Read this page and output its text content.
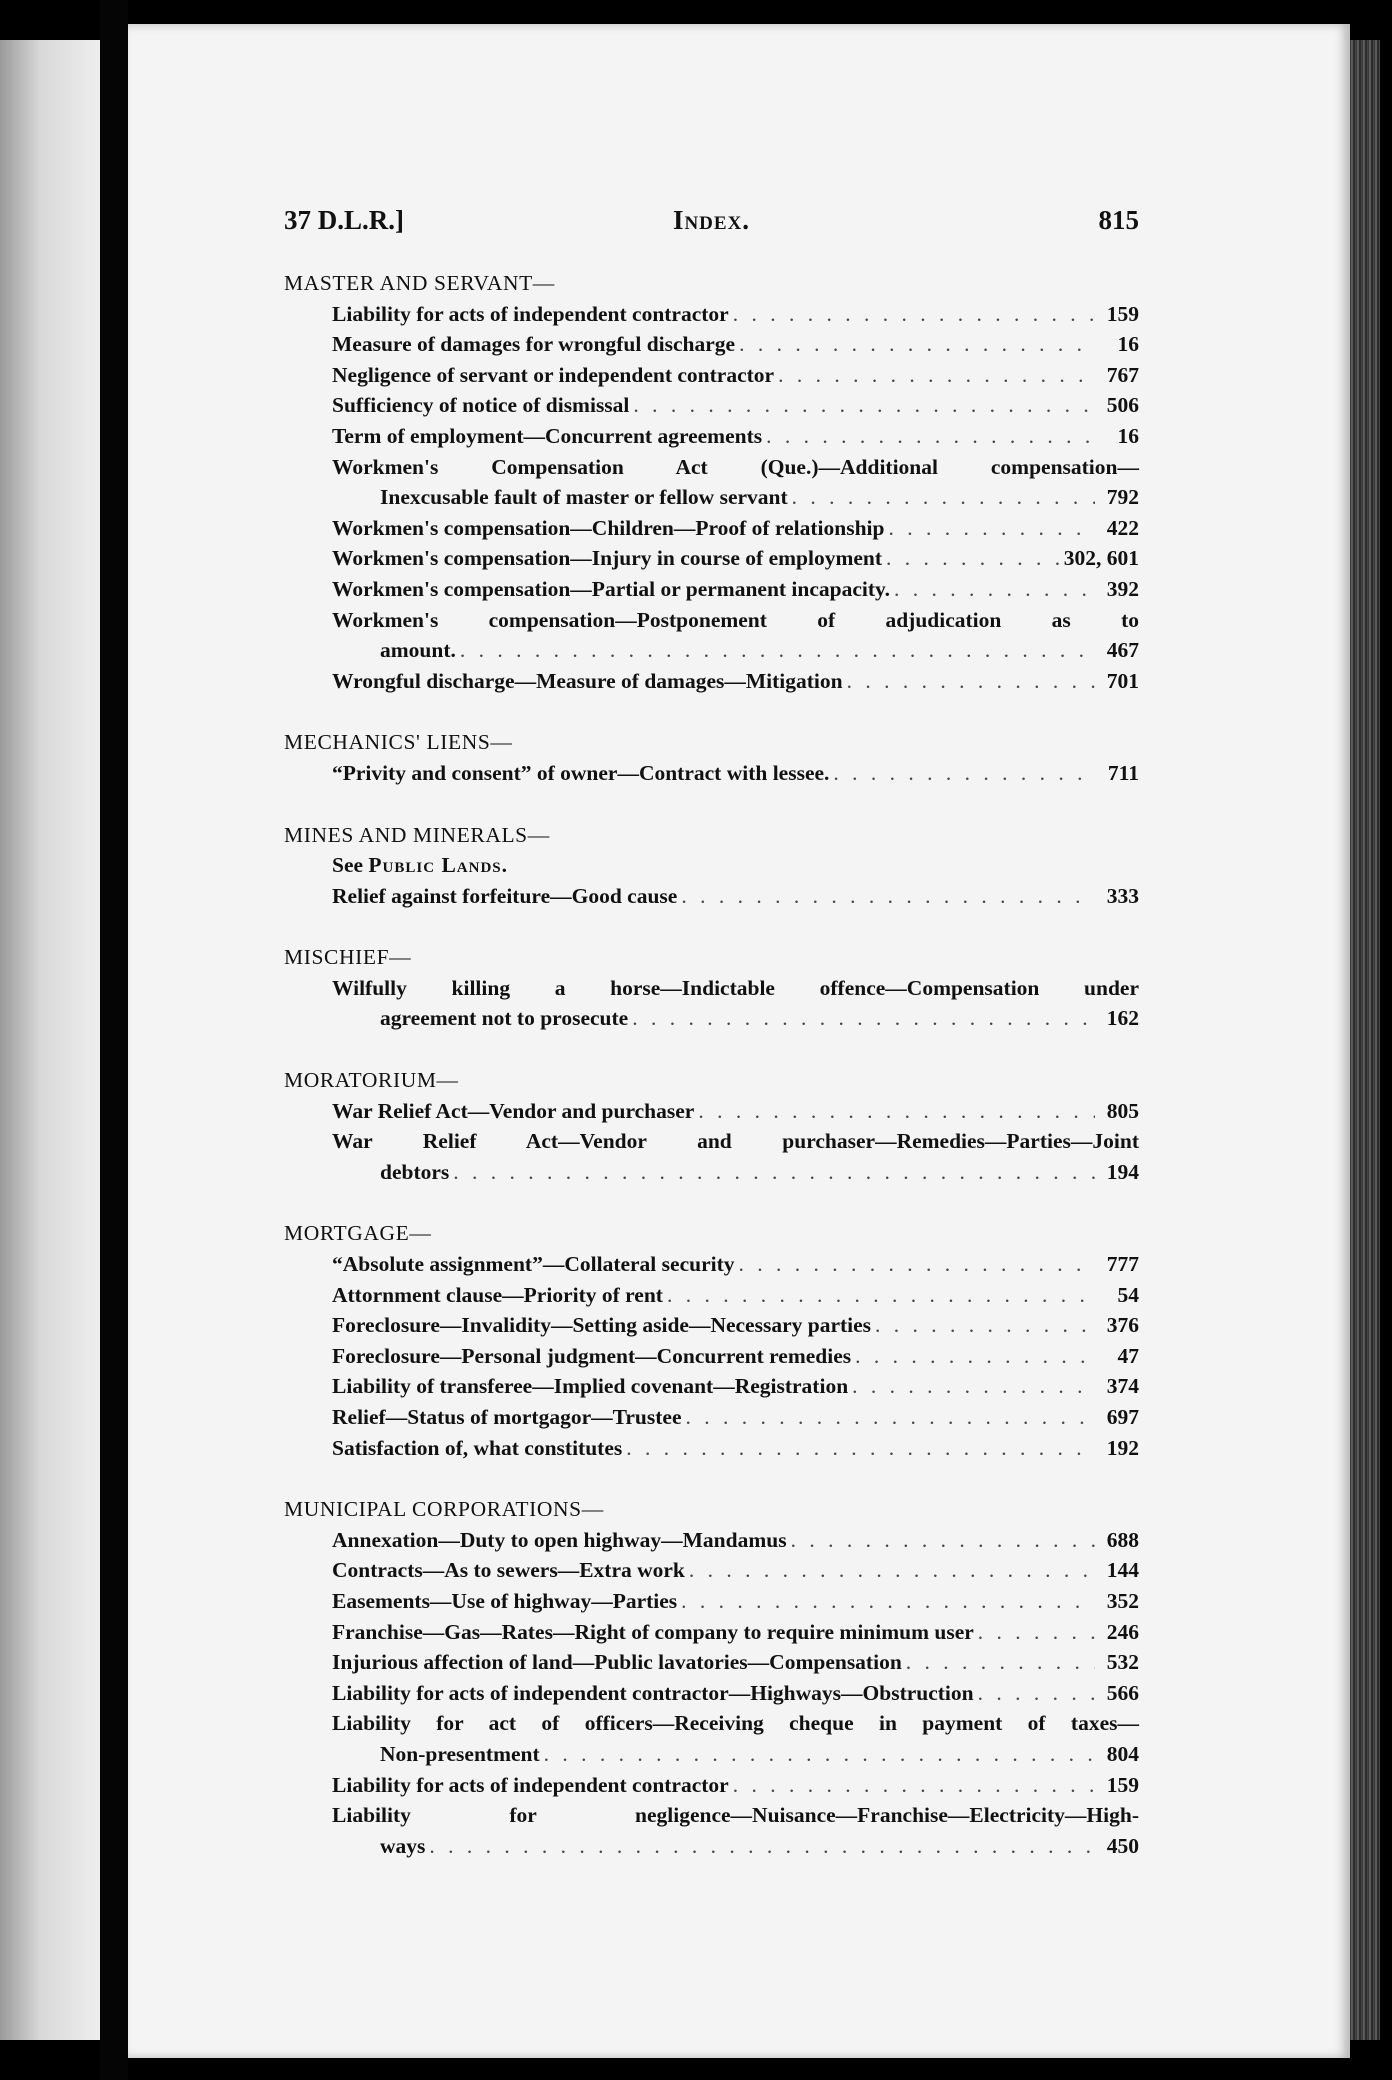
37 D.L.R.]	Index.	815
MASTER AND SERVANT—
Liability for acts of independent contractor . . .	159
Measure of damages for wrongful discharge . . .	16
Negligence of servant or independent contractor . . .	767
Sufficiency of notice of dismissal . . .	506
Term of employment—Concurrent agreements . . .	16
Workmen's Compensation Act (Que.)—Additional compensation—
Inexcusable fault of master or fellow servant . . .	792
Workmen's compensation—Children—Proof of relationship . . .	422
Workmen's compensation—Injury in course of employment . . .	302, 601
Workmen's compensation—Partial or permanent incapacity. . . .	392
Workmen's compensation—Postponement of adjudication as to
amount. . . .	467
Wrongful discharge—Measure of damages—Mitigation . . .	701
MECHANICS' LIENS—
“Privity and consent” of owner—Contract with lessee. . . .	711
MINES AND MINERALS—
See Public Lands.
Relief against forfeiture—Good cause . . .	333
MISCHIEF—
Wilfully killing a horse—Indictable offence—Compensation under
agreement not to prosecute . . .	162
MORATORIUM—
War Relief Act—Vendor and purchaser . . .	805
War Relief Act—Vendor and purchaser—Remedies—Parties—Joint
debtors . . .	194
MORTGAGE—
“Absolute assignment”—Collateral security . . .	777
Attornment clause—Priority of rent . . .	54
Foreclosure—Invalidity—Setting aside—Necessary parties . . .	376
Foreclosure—Personal judgment—Concurrent remedies . . .	47
Liability of transferee—Implied covenant—Registration . . .	374
Relief—Status of mortgagor—Trustee . . .	697
Satisfaction of, what constitutes . . .	192
MUNICIPAL CORPORATIONS—
Annexation—Duty to open highway—Mandamus . . .	688
Contracts—As to sewers—Extra work . . .	144
Easements—Use of highway—Parties . . .	352
Franchise—Gas—Rates—Right of company to require minimum user . . .	246
Injurious affection of land—Public lavatories—Compensation . . .	532
Liability for acts of independent contractor—Highways—Obstruction . . .	566
Liability for act of officers—Receiving cheque in payment of taxes—
Non-presentment . . .	804
Liability for acts of independent contractor . . .	159
Liability for negligence—Nuisance—Franchise—Electricity—High-
ways . . .	450
